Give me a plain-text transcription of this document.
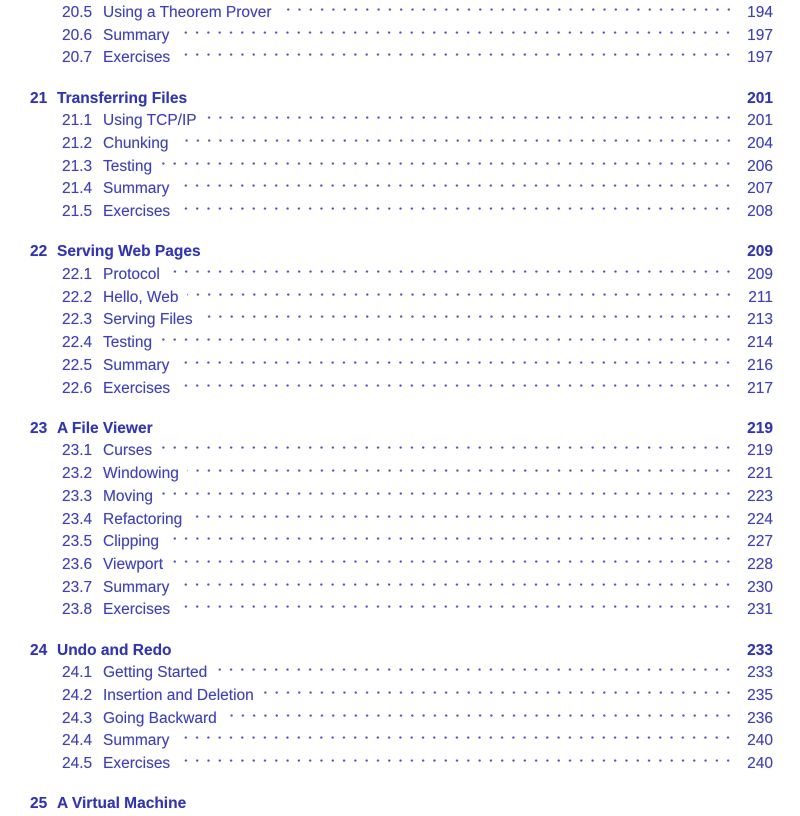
20.5 Using a Theorem Prover	194
20.6 Summary	197
20.7 Exercises	197
21 Transferring Files	201
21.1 Using TCP/IP	201
21.2 Chunking	204
21.3 Testing	206
21.4 Summary	207
21.5 Exercises	208
22 Serving Web Pages	209
22.1 Protocol	209
22.2 Hello, Web	211
22.3 Serving Files	213
22.4 Testing	214
22.5 Summary	216
22.6 Exercises	217
23 A File Viewer	219
23.1 Curses	219
23.2 Windowing	221
23.3 Moving	223
23.4 Refactoring	224
23.5 Clipping	227
23.6 Viewport	228
23.7 Summary	230
23.8 Exercises	231
24 Undo and Redo	233
24.1 Getting Started	233
24.2 Insertion and Deletion	235
24.3 Going Backward	236
24.4 Summary	240
24.5 Exercises	240
25 A Virtual Machine
